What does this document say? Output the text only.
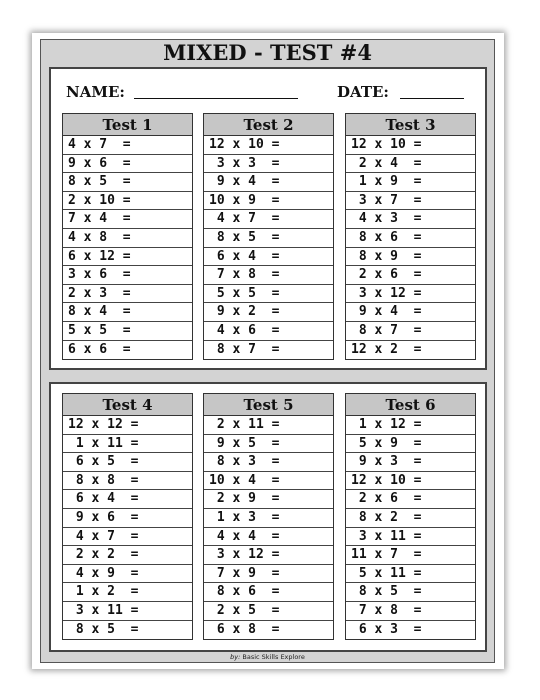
MIXED - TEST #4
NAME:	DATE:
Test 1
4 x 7  =
9 x 6  =
8 x 5  =
2 x 10 =
7 x 4  =
4 x 8  =
6 x 12 =
3 x 6  =
2 x 3  =
8 x 4  =
5 x 5  =
6 x 6  =
Test 2
12 x 10 =
3 x 3  =
9 x 4  =
10 x 9  =
4 x 7  =
8 x 5  =
6 x 4  =
7 x 8  =
5 x 5  =
9 x 2  =
4 x 6  =
8 x 7  =
Test 3
12 x 10 =
2 x 4  =
1 x 9  =
3 x 7  =
4 x 3  =
8 x 6  =
8 x 9  =
2 x 6  =
3 x 12 =
9 x 4  =
8 x 7  =
12 x 2  =
Test 4
12 x 12 =
1 x 11 =
6 x 5  =
8 x 8  =
6 x 4  =
9 x 6  =
4 x 7  =
2 x 2  =
4 x 9  =
1 x 2  =
3 x 11 =
8 x 5  =
Test 5
2 x 11 =
9 x 5  =
8 x 3  =
10 x 4  =
2 x 9  =
1 x 3  =
4 x 4  =
3 x 12 =
7 x 9  =
8 x 6  =
2 x 5  =
6 x 8  =
Test 6
1 x 12 =
5 x 9  =
9 x 3  =
12 x 10 =
2 x 6  =
8 x 2  =
3 x 11 =
11 x 7  =
5 x 11 =
8 x 5  =
7 x 8  =
6 x 3  =
by: Basic Skills Explore
